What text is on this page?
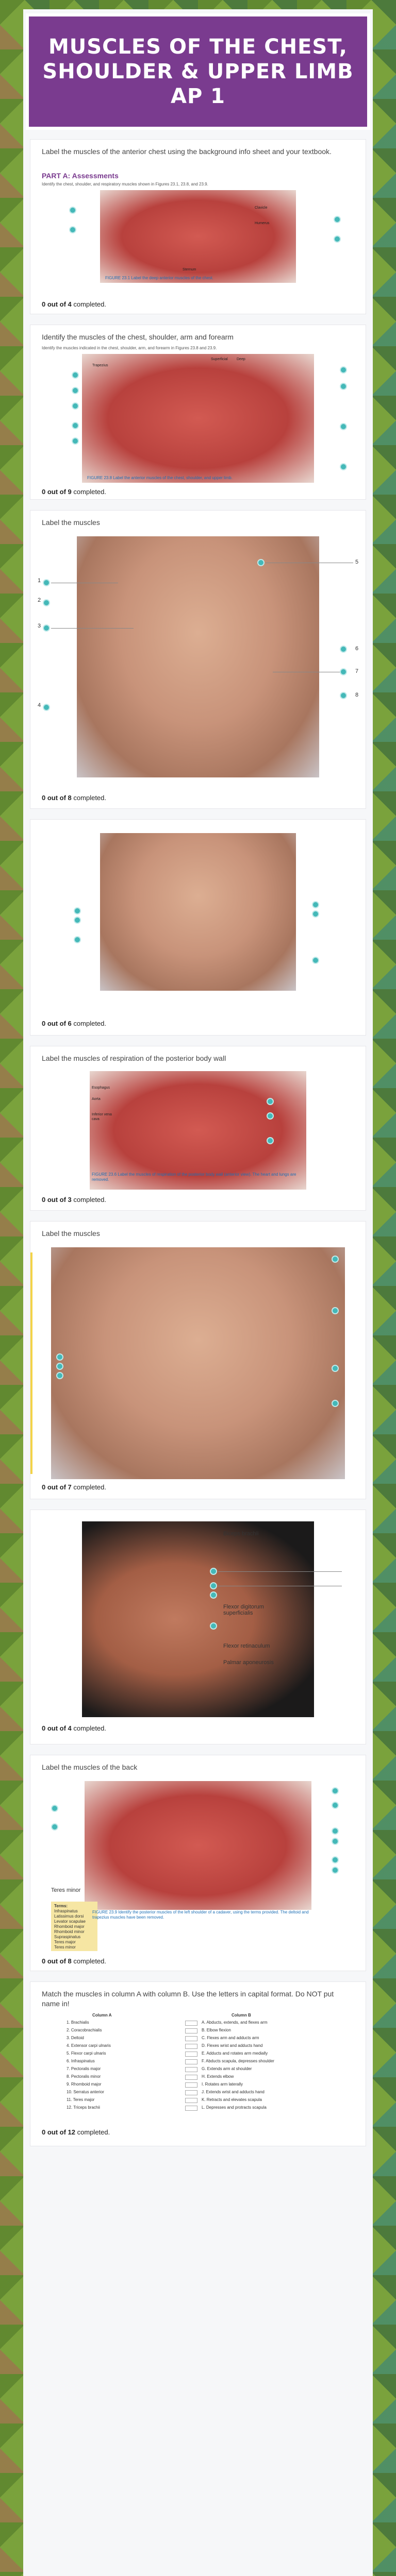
MUSCLES OF THE CHEST, SHOULDER & UPPER LIMB AP 1
Label the muscles of the anterior chest using the background info sheet and your textbook.
PART A: Assessments
Identify the chest, shoulder, and respiratory muscles shown in Figures 23.1, 23.8, and 23.9.
Clavicle
Humerus
Sternum
FIGURE 23.1 Label the deep anterior muscles of the chest.
0 out of 4 completed.
Identify the muscles of the chest, shoulder, arm and forearm
Identify the muscles indicated in the chest, shoulder, arm, and forearm in Figures 23.8 and 23.9.
Trapezius
Superficial Deep
FIGURE 23.8 Label the anterior muscles of the chest, shoulder, and upper limb.
0 out of 9 completed.
Label the muscles
1
2
3
4
5
6
7
8
0 out of 8 completed.
0 out of 6 completed.
Label the muscles of respiration of the posterior body wall
Esophagus
Aorta
Inferior vena cava
FIGURE 23.6 Label the muscles of respiration of the posterior body wall (anterior view). The heart and lungs are removed.
0 out of 3 completed.
Label the muscles
0 out of 7 completed.
Biceps brachii
Flexor digitorum superficialis
Flexor retinaculum
Palmar aponeurosis
0 out of 4 completed.
Label the muscles of the back
Teres minor
Terms:
Infraspinatus
Latissimus dorsi
Levator scapulae
Rhomboid major
Rhomboid minor
Supraspinatus
Teres major
Teres minor
FIGURE 23.9 Identify the posterior muscles of the left shoulder of a cadaver, using the terms provided. The deltoid and trapezius muscles have been removed.
0 out of 8 completed.
Match the muscles in column A with column B. Use the letters in capital format. Do NOT put name in!
Column A	Column B
1. Brachialis	A. Abducts, extends, and flexes arm
2. Coracobrachialis	B. Elbow flexion
3. Deltoid	C. Flexes arm and adducts arm
4. Extensor carpi ulnaris	D. Flexes wrist and adducts hand
5. Flexor carpi ulnaris	E. Adducts and rotates arm medially
6. Infraspinatus	F. Abducts scapula, depresses shoulder
7. Pectoralis major	G. Extends arm at shoulder
8. Pectoralis minor	H. Extends elbow
9. Rhomboid major	I. Rotates arm laterally
10. Serratus anterior	J. Extends wrist and adducts hand
11. Teres major	K. Retracts and elevates scapula
12. Triceps brachii	L. Depresses and protracts scapula
0 out of 12 completed.
